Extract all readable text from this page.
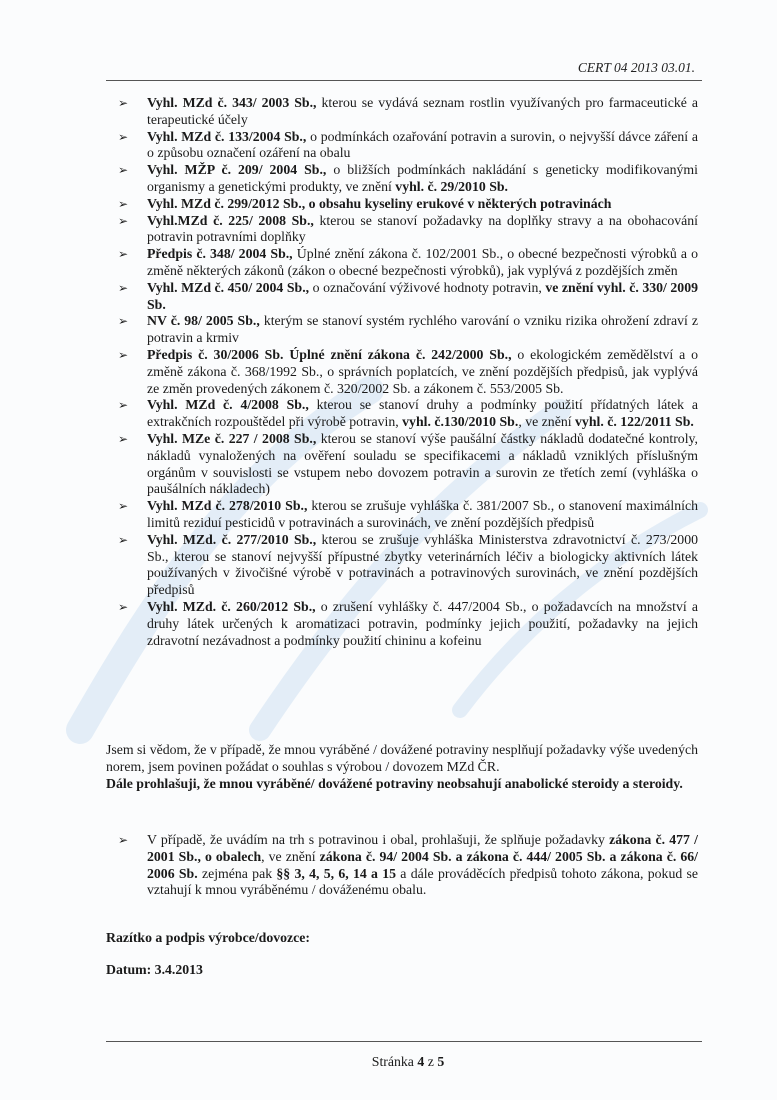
CERT 04 2013 03.01.
➢ Vyhl. MZd č. 343/ 2003 Sb., kterou se vydává seznam rostlin využívaných pro farmaceutické a terapeutické účely
➢ Vyhl. MZd č. 133/2004 Sb., o podmínkách ozařování potravin a surovin, o nejvyšší dávce záření a o způsobu označení ozáření na obalu
➢ Vyhl. MŽP č. 209/ 2004 Sb., o bližších podmínkách nakládání s geneticky modifikovanými organismy a genetickými produkty, ve znění vyhl. č. 29/2010 Sb.
➢ Vyhl. MZd č. 299/2012 Sb., o obsahu kyseliny erukové v některých potravinách
➢ Vyhl.MZd č. 225/ 2008 Sb., kterou se stanoví požadavky na doplňky stravy a na obohacování potravin potravními doplňky
➢ Předpis č. 348/ 2004 Sb., Úplné znění zákona č. 102/2001 Sb., o obecné bezpečnosti výrobků a o změně některých zákonů (zákon o obecné bezpečnosti výrobků), jak vyplývá z pozdějších změn
➢ Vyhl. MZd č. 450/ 2004 Sb., o označování výživové hodnoty potravin, ve znění vyhl. č. 330/ 2009 Sb.
➢ NV č. 98/ 2005 Sb., kterým se stanoví systém rychlého varování o vzniku rizika ohrožení zdraví z potravin a krmiv
➢ Předpis č. 30/2006 Sb. Úplné znění zákona č. 242/2000 Sb., o ekologickém zemědělství a o změně zákona č. 368/1992 Sb., o správních poplatcích, ve znění pozdějších předpisů, jak vyplývá ze změn provedených zákonem č. 320/2002 Sb. a zákonem č. 553/2005 Sb.
➢ Vyhl. MZd č. 4/2008 Sb., kterou se stanoví druhy a podmínky použití přídatných látek a extrakčních rozpouštědel při výrobě potravin, vyhl. č.130/2010 Sb., ve znění vyhl. č. 122/2011 Sb.
➢ Vyhl. MZe č. 227 / 2008 Sb., kterou se stanoví výše paušální částky nákladů dodatečné kontroly, nákladů vynaložených na ověření souladu se specifikacemi a nákladů vzniklých příslušným orgánům v souvislosti se vstupem nebo dovozem potravin a surovin ze třetích zemí (vyhláška o paušálních nákladech)
➢ Vyhl. MZd č. 278/2010 Sb., kterou se zrušuje vyhláška č. 381/2007 Sb., o stanovení maximálních limitů reziduí pesticidů v potravinách a surovinách, ve znění pozdějších předpisů
➢ Vyhl. MZd. č. 277/2010 Sb., kterou se zrušuje vyhláška Ministerstva zdravotnictví č. 273/2000 Sb., kterou se stanoví nejvyšší přípustné zbytky veterinárních léčiv a biologicky aktivních látek používaných v živočišné výrobě v potravinách a potravinových surovinách, ve znění pozdějších předpisů
➢ Vyhl. MZd. č. 260/2012 Sb., o zrušení vyhlášky č. 447/2004 Sb., o požadavcích na množství a druhy látek určených k aromatizaci potravin, podmínky jejich použití, požadavky na jejich zdravotní nezávadnost a podmínky použití chininu a kofeinu
Jsem si vědom, že v případě, že mnou vyráběné / dovážené potraviny nesplňují požadavky výše uvedených norem, jsem povinen požádat o souhlas s výrobou / dovozem MZd ČR.
Dále prohlašuji, že mnou vyráběné/ dovážené potraviny neobsahují anabolické steroidy a steroidy.
➢ V případě, že uvádím na trh s potravinou i obal, prohlašuji, že splňuje požadavky zákona č. 477 / 2001 Sb., o obalech, ve znění zákona č. 94/ 2004 Sb. a zákona č. 444/ 2005 Sb. a zákona č. 66/ 2006 Sb. zejména pak §§ 3, 4, 5, 6, 14 a 15 a dále prováděcích předpisů tohoto zákona, pokud se vztahují k mnou vyráběnému / dováženému obalu.
Razítko a podpis výrobce/dovozce:
Datum: 3.4.2013
Stránka 4 z 5
